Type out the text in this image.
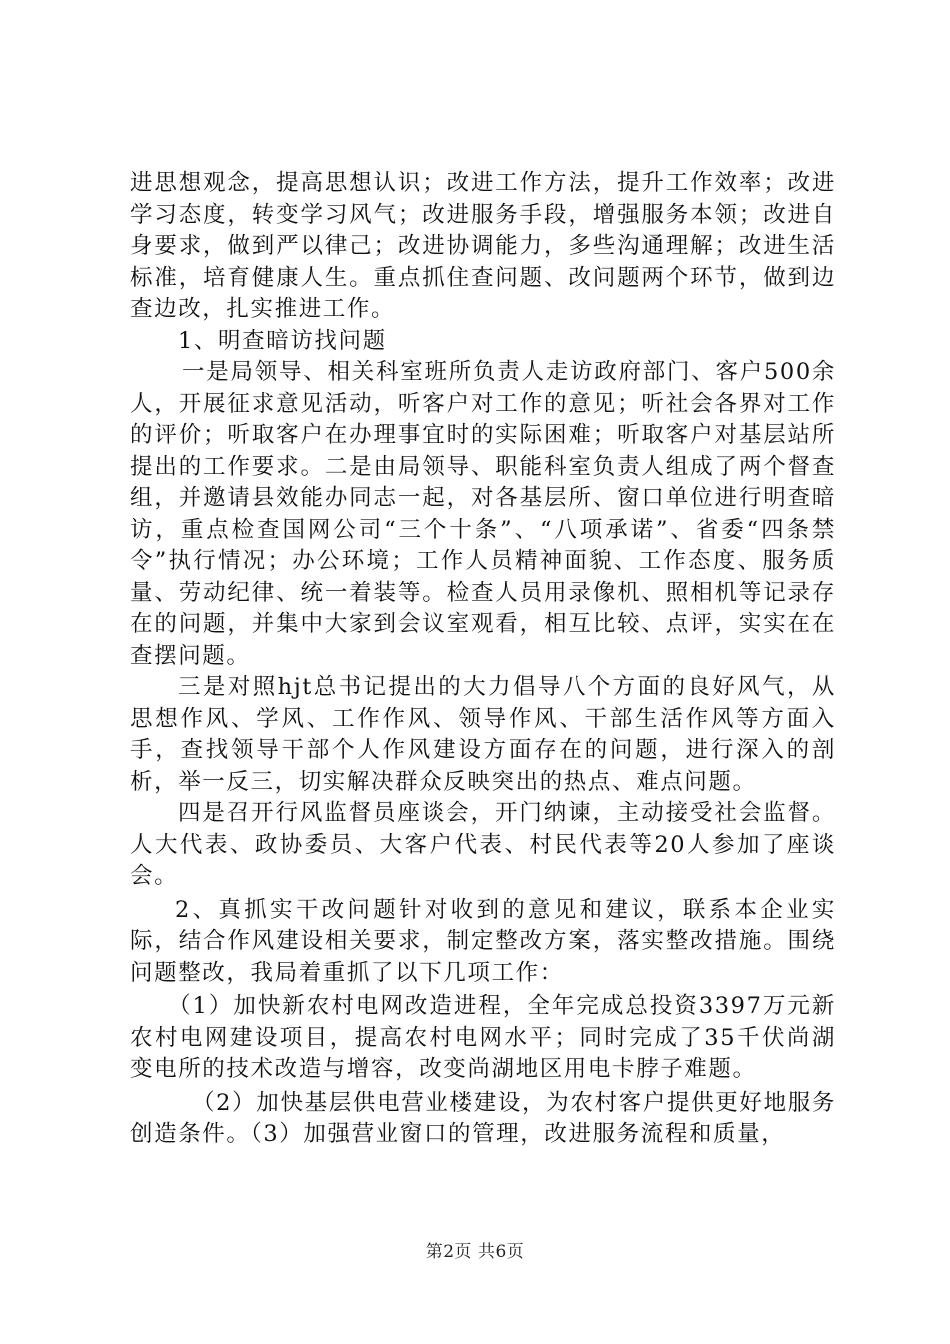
进思想观念，提高思想认识；改进工作方法，提升工作效率；改进学习态度，转变学习风气；改进服务手段，增强服务本领；改进自身要求，做到严以律己；改进协调能力，多些沟通理解；改进生活标准，培育健康人生。重点抓住查问题、改问题两个环节，做到边查边改，扎实推进工作。

1、明查暗访找问题

一是局领导、相关科室班所负责人走访政府部门、客户500余人，开展征求意见活动，听客户对工作的意见；听社会各界对工作的评价；听取客户在办理事宜时的实际困难；听取客户对基层站所提出的工作要求。二是由局领导、职能科室负责人组成了两个督查组，并邀请县效能办同志一起，对各基层所、窗口单位进行明查暗访，重点检查国网公司“三个十条”、“八项承诺”、省委“四条禁令”执行情况；办公环境；工作人员精神面貌、工作态度、服务质量、劳动纪律、统一着装等。检查人员用录像机、照相机等记录存在的问题，并集中大家到会议室观看，相互比较、点评，实实在在查摆问题。

三是对照hjt总书记提出的大力倡导八个方面的良好风气，从思想作风、学风、工作作风、领导作风、干部生活作风等方面入手，查找领导干部个人作风建设方面存在的问题，进行深入的剖析，举一反三，切实解决群众反映突出的热点、难点问题。

四是召开行风监督员座谈会，开门纳谏，主动接受社会监督。人大代表、政协委员、大客户代表、村民代表等20人参加了座谈会。

2、真抓实干改问题针对收到的意见和建议，联系本企业实际，结合作风建设相关要求，制定整改方案，落实整改措施。围绕问题整改，我局着重抓了以下几项工作：

（1）加快新农村电网改造进程，全年完成总投资3397万元新农村电网建设项目，提高农村电网水平；同时完成了35千伏尚湖变电所的技术改造与增容，改变尚湖地区用电卡脖子难题。

（2）加快基层供电营业楼建设，为农村客户提供更好地服务创造条件。（3）加强营业窗口的管理，改进服务流程和质量，

第2页 共6页
